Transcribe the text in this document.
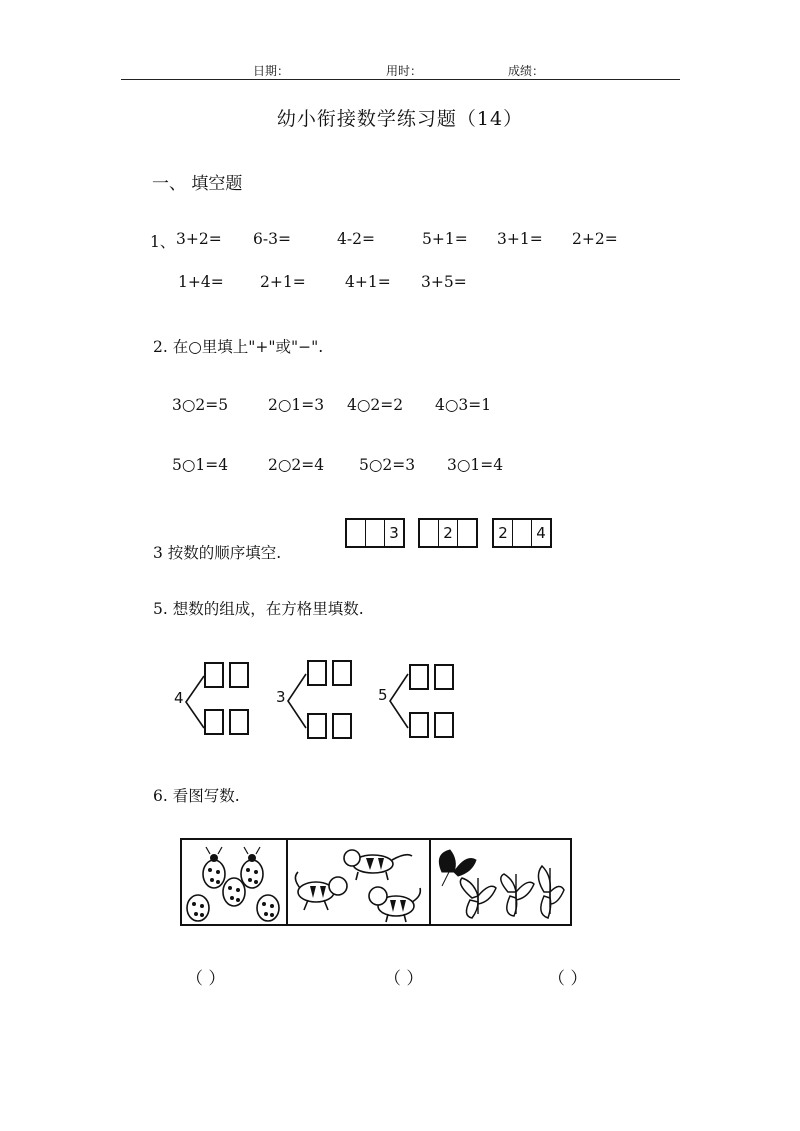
日期：	用时：	成绩：
幼小衔接数学练习题（14）
一、 填空题
1、 3+2= 6-3=	4-2=	5+1= 3+1= 2+2=
1+4= 2+1=	4+1= 3+5=
2. 在○里填上"+"或"−".
3○2=5	2○1=3 4○2=2 4○3=1
5○1=4	2○2=4 5○2=3 3○1=4
3 按数的顺序填空.
3	2	2	4
5. 想数的组成，在方格里填数.
4	3	5
6. 看图写数.
（ ）	（ ）	（ ）
